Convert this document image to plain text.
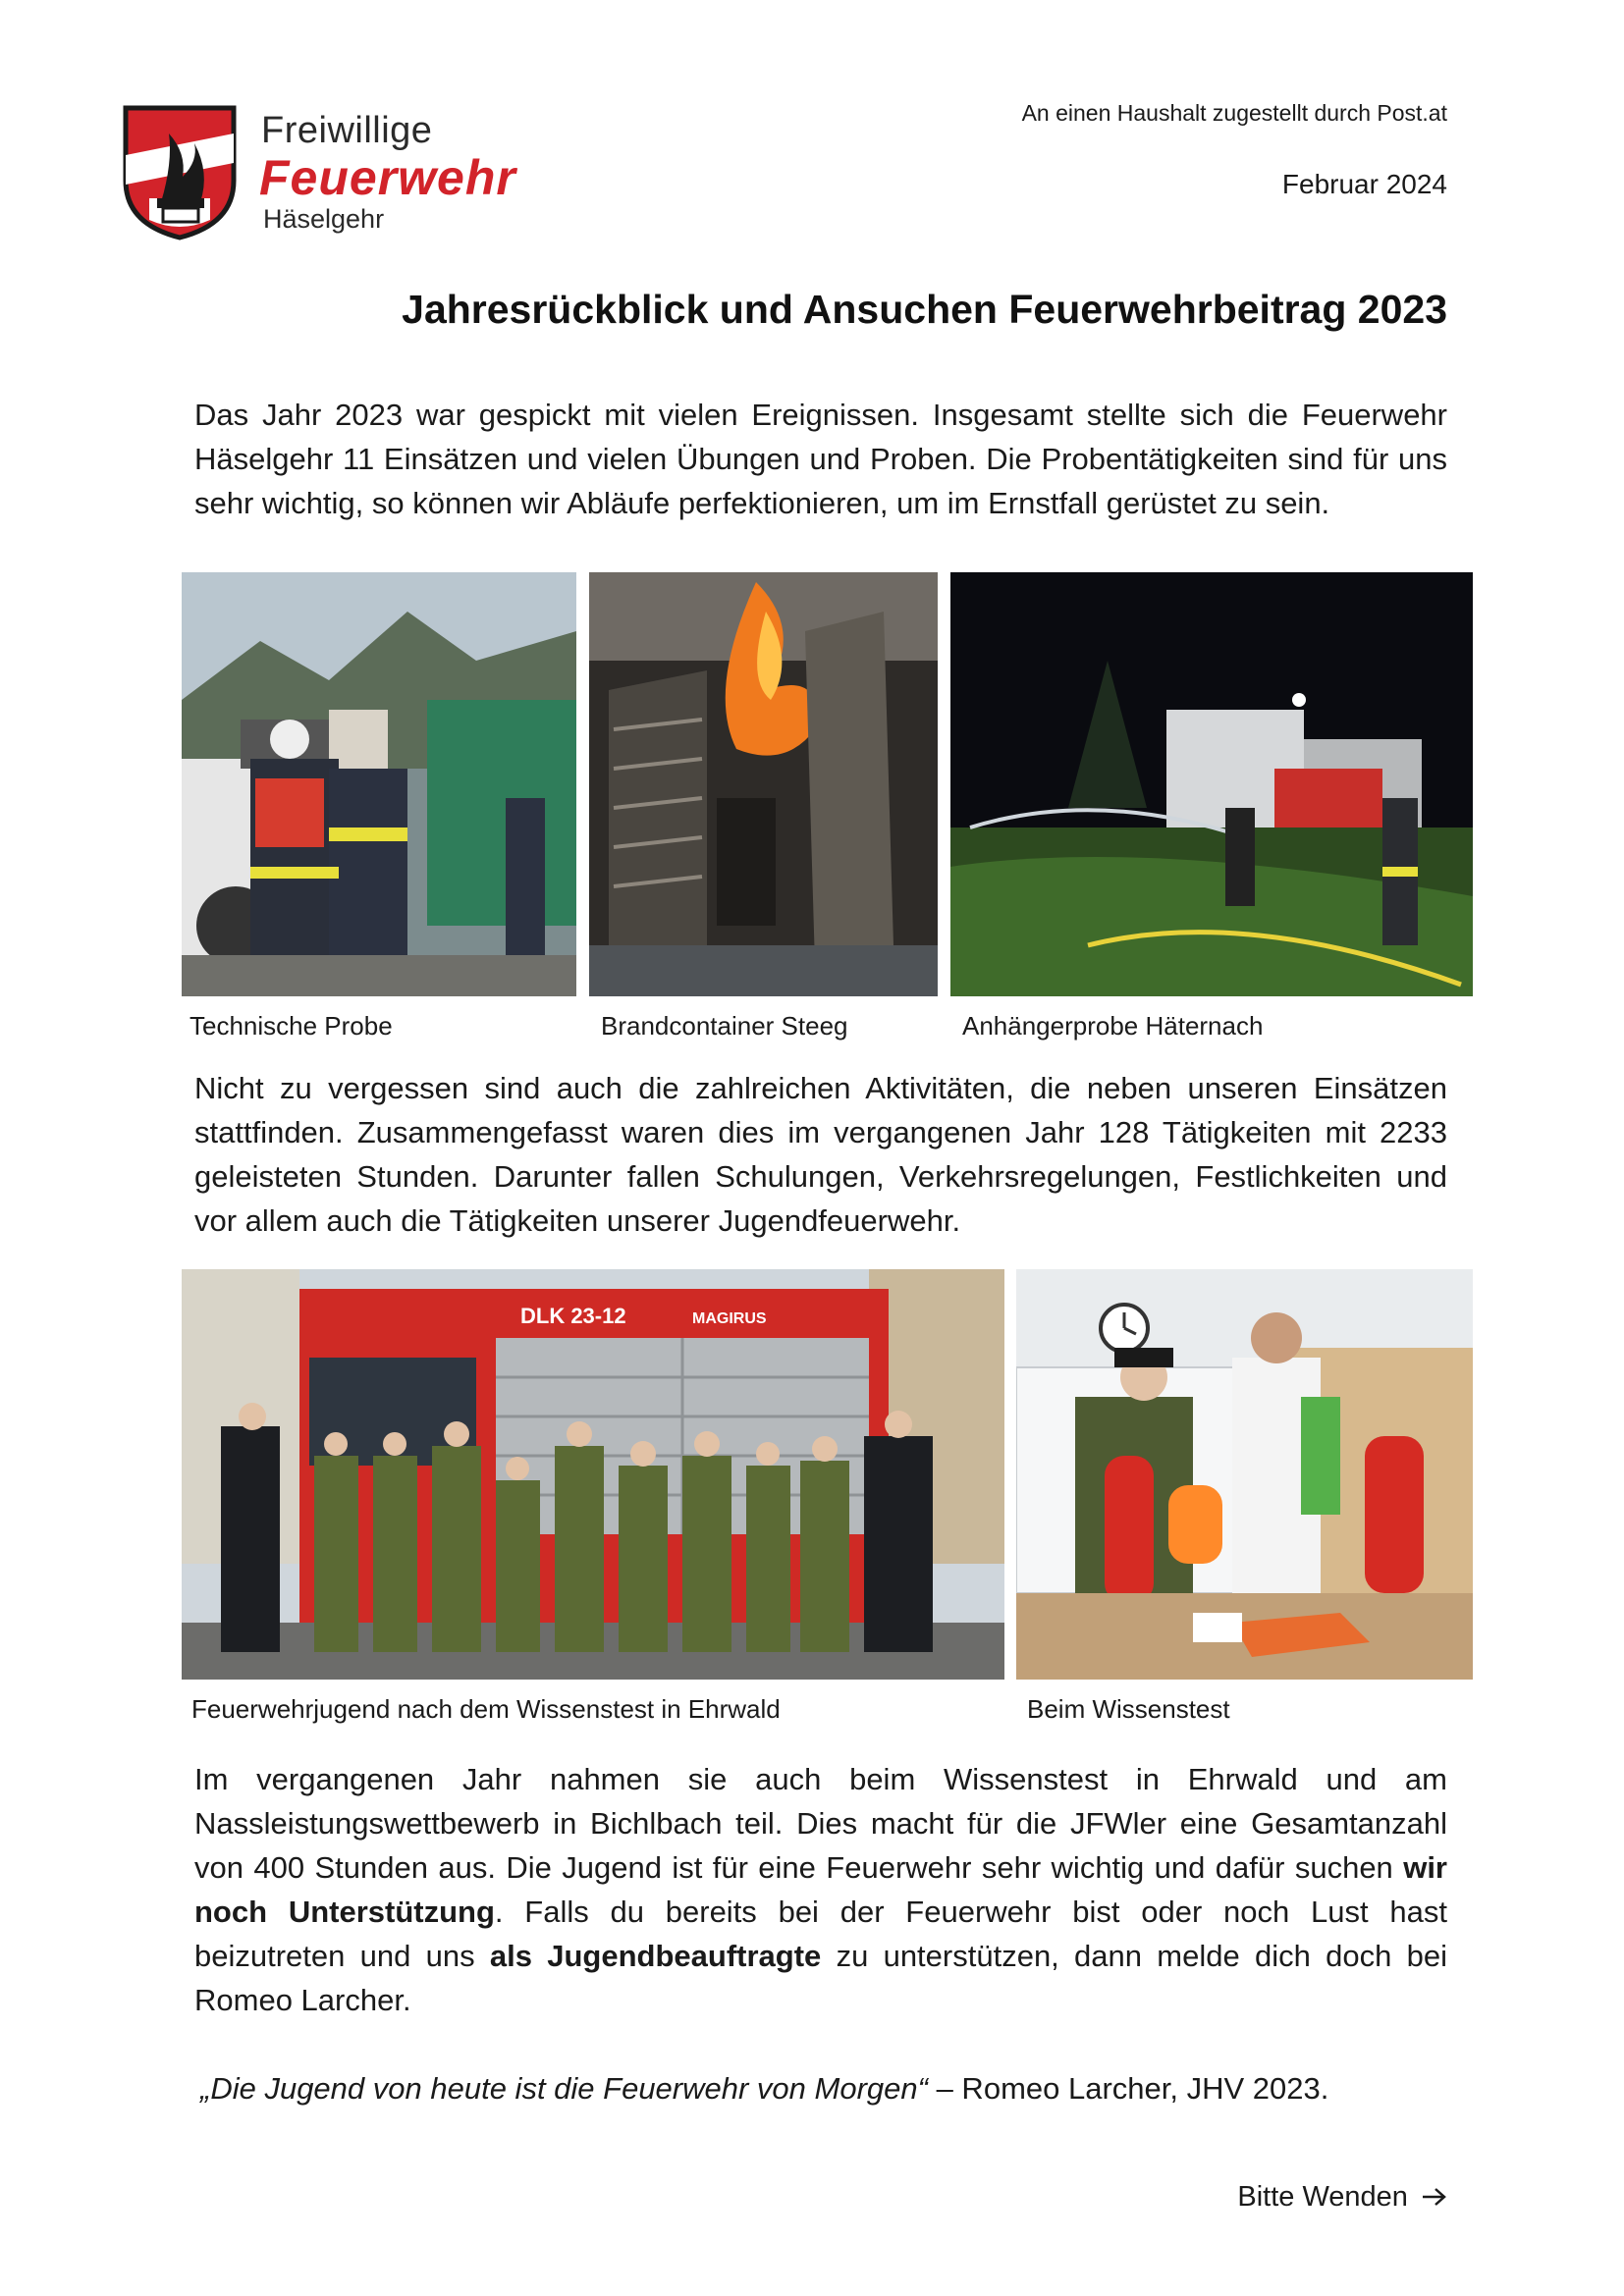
Freiwillige
Feuerwehr
Häselgehr
An einen Haushalt zugestellt durch Post.at
Februar 2024
Jahresrückblick und Ansuchen Feuerwehrbeitrag 2023
Das Jahr 2023 war gespickt mit vielen Ereignissen. Insgesamt stellte sich die Feuerwehr Häselgehr 11 Einsätzen und vielen Übungen und Proben. Die Probentätigkeiten sind für uns sehr wichtig, so können wir Abläufe perfektionieren, um im Ernstfall gerüstet zu sein.
Technische Probe	Brandcontainer Steeg	Anhängerprobe Häternach
Nicht zu vergessen sind auch die zahlreichen Aktivitäten, die neben unseren Einsätzen stattfinden. Zusammengefasst waren dies im vergangenen Jahr 128 Tätigkeiten mit 2233 geleisteten Stunden. Darunter fallen Schulungen, Verkehrsregelungen, Festlichkeiten und vor allem auch die Tätigkeiten unserer Jugendfeuerwehr.
DLK 23-12	MAGIRUS
Feuerwehrjugend nach dem Wissenstest in Ehrwald	Beim Wissenstest
Im vergangenen Jahr nahmen sie auch beim Wissenstest in Ehrwald und am Nassleistungswettbewerb in Bichlbach teil. Dies macht für die JFWler eine Gesamtanzahl von 400 Stunden aus. Die Jugend ist für eine Feuerwehr sehr wichtig und dafür suchen wir noch Unterstützung. Falls du bereits bei der Feuerwehr bist oder noch Lust hast beizutreten und uns als Jugendbeauftragte zu unterstützen, dann melde dich doch bei Romeo Larcher.
„Die Jugend von heute ist die Feuerwehr von Morgen“ – Romeo Larcher, JHV 2023.
Bitte Wenden
